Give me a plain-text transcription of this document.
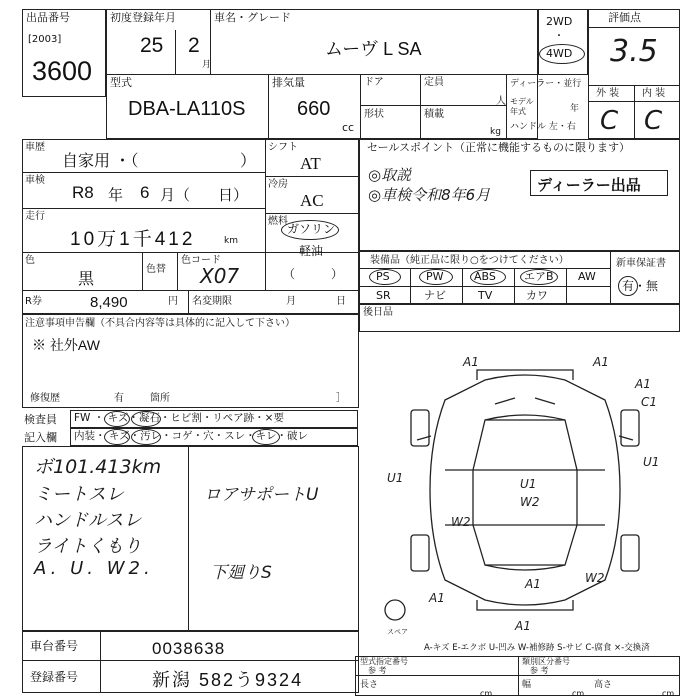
出品番号
[2003]
3600
初度登録年月
25 2
月
車名・グレード
ムーヴ L SA
型式
DBA-LA110S
排気量
660
cc
ドア	定員
人
形状	積載
kg
ディーラー・並行
モデル
年式	年
ハンドル 左・右
2WD
・
4WD
評価点
3.5
外 装 内 装
C C
車歴
自家用 ・（	）
シフト
AT
車検
R8 年 6 月（ 日）
冷房
AC
走行
10万1千412	km
燃料
ガソリン
軽油
（　　　）
色
黒
色替
色コード
X07
R券	8,490	円 名変期限	月	日
注意事項申告欄（不具合内容等は具体的に記入して下さい）
※ 社外AW
修復歴	有	箇所	］
検査員 FW ・ キズ・凝石・ヒビ割・リペア跡・×要
記入欄 内装・ キズ・汚レ・コゲ・穴・スレ・キレ・破レ
ボ101.413km
ミートスレ
ハンドルスレ
ライトくもり
A. U. W2.
ロアサポートU
下廻りS
セールスポイント（正常に機能するものに限ります）
◎取説
◎車検令和8年6月
ディーラー出品
装備品（純正品に限り○をつけてください）	新車保証書
有・無
PS	PW	ABS	エアB AW
SR	ナビ	TV	カワ
後日品
A1	A1
A1
C1
U1
U1
U1
W2
W2
W2
A1
A1
A1
スペア
A-キズ E-エクボ U-凹み W-補修跡 S-サビ C-腐食 ×-交換済
車台番号	0038638
登録番号	新潟 582う9324
型式指定番号
参 考
類別区分番号
参 考
長さ
cm
幅
cm
高さ
cm
